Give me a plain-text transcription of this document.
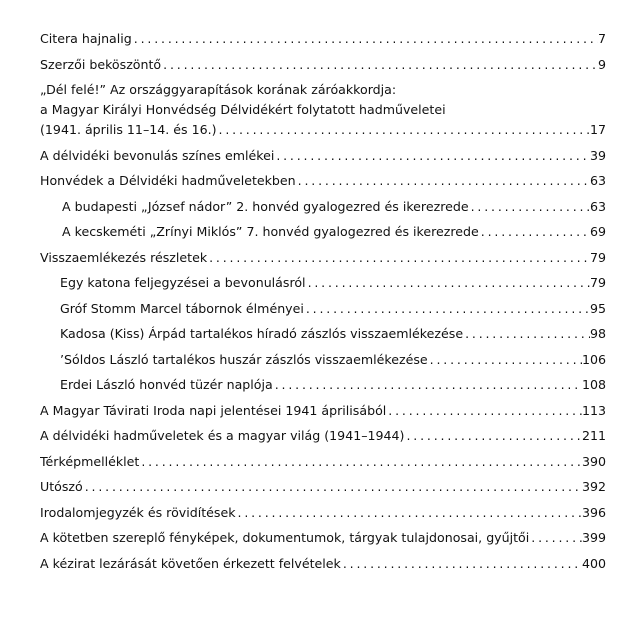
Citera hajnalig . . .	7
Szerzői beköszöntő . . .	9
„Dél felé!” Az országgyarapítások korának záróakkordja:
a Magyar Királyi Honvédség Délvidékért folytatott hadműveletei
(1941. április 11–14. és 16.) . . .	17
A délvidéki bevonulás színes emlékei . . .	39
Honvédek a Délvidéki hadműveletekben . . .	63
A budapesti „József nádor” 2. honvéd gyalogezred és ikerezrede . . .	63
A kecskeméti „Zrínyi Miklós” 7. honvéd gyalogezred és ikerezrede . . .	69
Visszaemlékezés részletek . . .	79
Egy katona feljegyzései a bevonulásról . . .	79
Gróf Stomm Marcel tábornok élményei . . .	95
Kadosa (Kiss) Árpád tartalékos híradó zászlós visszaemlékezése . . .	98
’Sóldos László tartalékos huszár zászlós visszaemlékezése . . .	106
Erdei László honvéd tüzér naplója . . .	108
A Magyar Távirati Iroda napi jelentései 1941 áprilisából . . .	113
A délvidéki hadműveletek és a magyar világ (1941–1944) . . .	211
Térképmelléklet . . .	390
Utószó . . .	392
Irodalomjegyzék és rövidítések . . .	396
A kötetben szereplő fényképek, dokumentumok, tárgyak tulajdonosai, gyűjtői . . .	399
A kézirat lezárását követően érkezett felvételek . . .	400
